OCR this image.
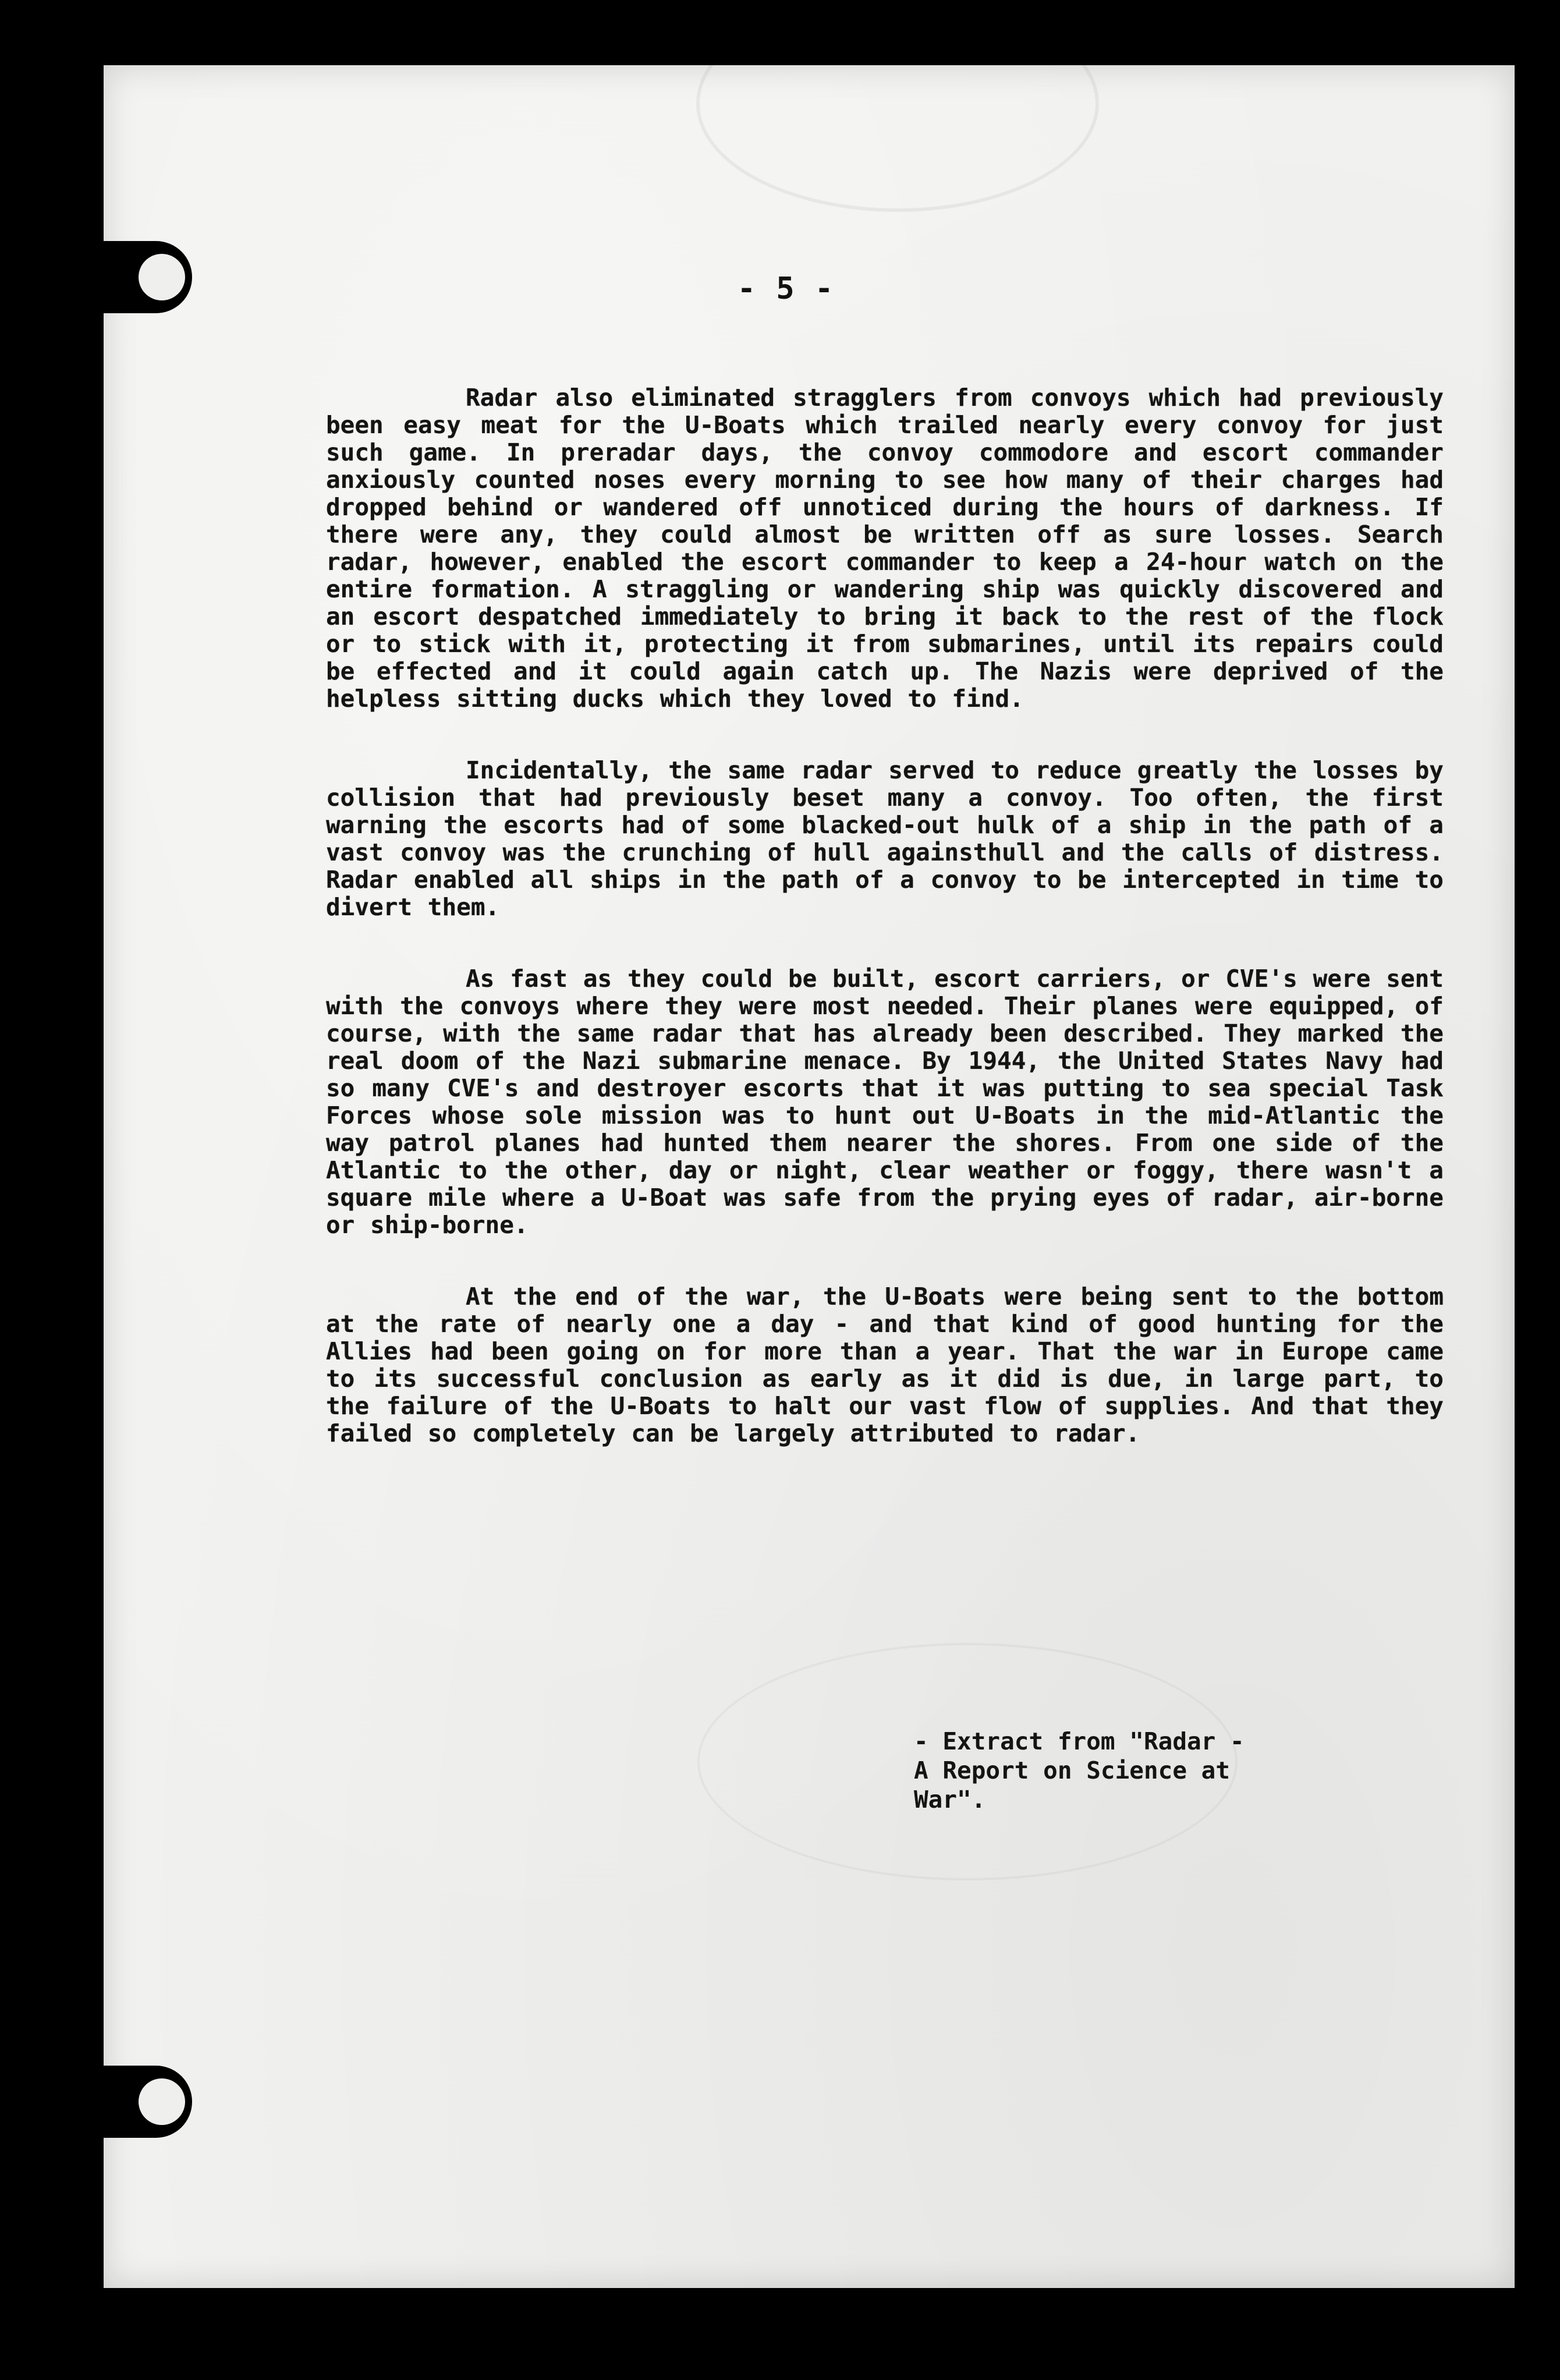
- 5 -

Radar also eliminated stragglers from convoys which had previously been easy meat for the U-Boats which trailed nearly every convoy for just such game. In preradar days, the convoy commodore and escort commander anxiously counted noses every morning to see how many of their charges had dropped behind or wandered off unnoticed during the hours of darkness. If there were any, they could almost be written off as sure losses. Search radar, however, enabled the escort commander to keep a 24-hour watch on the entire formation. A straggling or wandering ship was quickly discovered and an escort despatched immediately to bring it back to the rest of the flock or to stick with it, protecting it from submarines, until its repairs could be effected and it could again catch up. The Nazis were deprived of the helpless sitting ducks which they loved to find.

Incidentally, the same radar served to reduce greatly the losses by collision that had previously beset many a convoy. Too often, the first warning the escorts had of some blacked-out hulk of a ship in the path of a vast convoy was the crunching of hull againsthull and the calls of distress. Radar enabled all ships in the path of a convoy to be intercepted in time to divert them.

As fast as they could be built, escort carriers, or CVE's were sent with the convoys where they were most needed. Their planes were equipped, of course, with the same radar that has already been described. They marked the real doom of the Nazi submarine menace. By 1944, the United States Navy had so many CVE's and destroyer escorts that it was putting to sea special Task Forces whose sole mission was to hunt out U-Boats in the mid-Atlantic the way patrol planes had hunted them nearer the shores. From one side of the Atlantic to the other, day or night, clear weather or foggy, there wasn't a square mile where a U-Boat was safe from the prying eyes of radar, air-borne or ship-borne.

At the end of the war, the U-Boats were being sent to the bottom at the rate of nearly one a day - and that kind of good hunting for the Allies had been going on for more than a year. That the war in Europe came to its successful conclusion as early as it did is due, in large part, to the failure of the U-Boats to halt our vast flow of supplies. And that they failed so completely can be largely attributed to radar.

- Extract from "Radar -
A Report on Science at
War".
